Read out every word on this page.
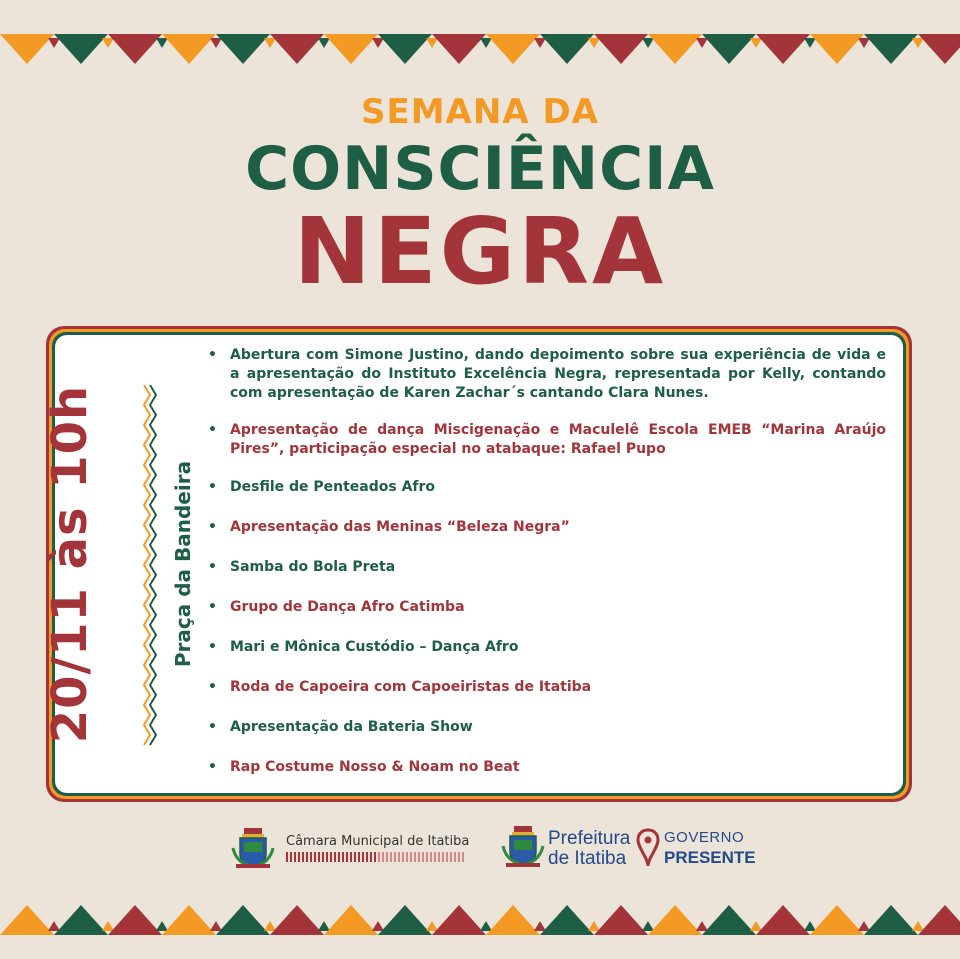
SEMANA DA
CONSCIÊNCIA
NEGRA
20/11 às 10h	Praça da Bandeira
• Abertura com Simone Justino, dando depoimento sobre sua experiência de vida e a apresentação do Instituto Excelência Negra, representada por Kelly, contando com apresentação de Karen Zachar´s cantando Clara Nunes.
• Apresentação de dança Miscigenação e Maculelê Escola EMEB “Marina Araújo Pires”, participação especial no atabaque: Rafael Pupo
• Desfile de Penteados Afro
• Apresentação das Meninas “Beleza Negra”
• Samba do Bola Preta
• Grupo de Dança Afro Catimba
• Mari e Mônica Custódio – Dança Afro
• Roda de Capoeira com Capoeiristas de Itatiba
• Apresentação da Bateria Show
• Rap Costume Nosso & Noam no Beat
Câmara Municipal de Itatiba	Prefeitura
de Itatiba
GOVERNO
PRESENTE
